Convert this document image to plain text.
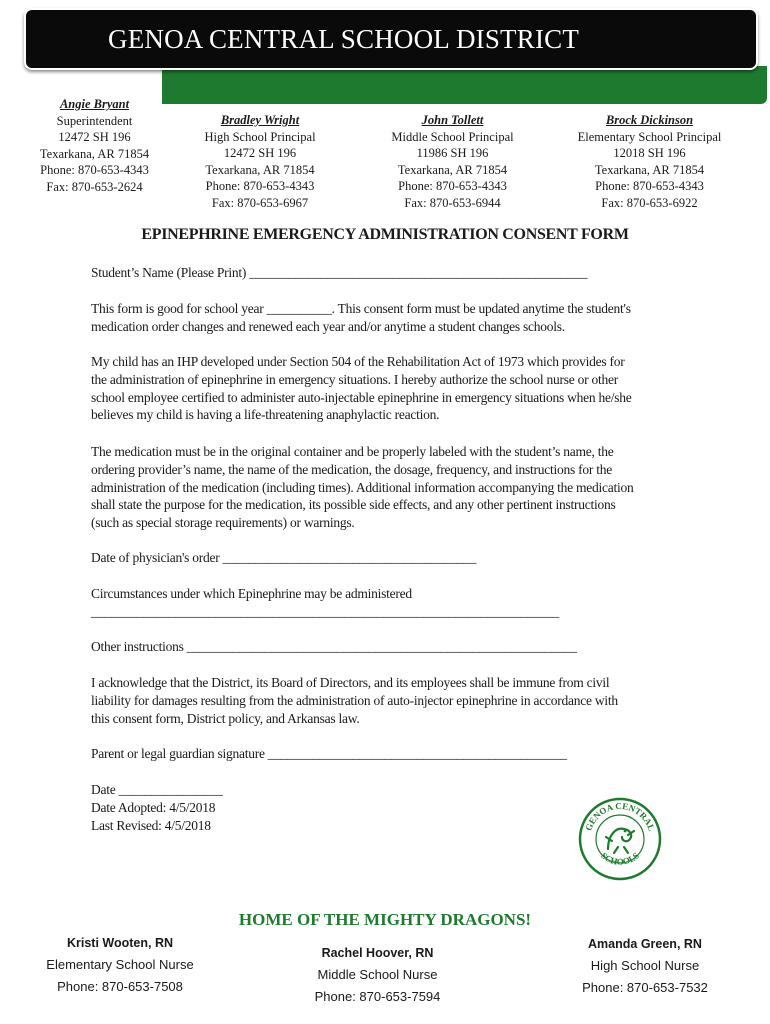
GENOA CENTRAL SCHOOL DISTRICT
Angie Bryant
Superintendent
12472 SH 196
Texarkana, AR 71854
Phone: 870-653-4343
Fax: 870-653-2624
Bradley Wright
High School Principal
12472 SH 196
Texarkana, AR 71854
Phone: 870-653-4343
Fax: 870-653-6967
John Tollett
Middle School Principal
11986 SH 196
Texarkana, AR 71854
Phone: 870-653-4343
Fax: 870-653-6944
Brock Dickinson
Elementary School Principal
12018 SH 196
Texarkana, AR 71854
Phone: 870-653-4343
Fax: 870-653-6922
EPINEPHRINE EMERGENCY ADMINISTRATION CONSENT FORM
Student’s Name (Please Print) ____________________________________________________
This form is good for school year __________. This consent form must be updated anytime the student's
medication order changes and renewed each year and/or anytime a student changes schools.
My child has an IHP developed under Section 504 of the Rehabilitation Act of 1973 which provides for
the administration of epinephrine in emergency situations. I hereby authorize the school nurse or other
school employee certified to administer auto-injectable epinephrine in emergency situations when he/she
believes my child is having a life-threatening anaphylactic reaction.
The medication must be in the original container and be properly labeled with the student’s name, the
ordering provider’s name, the name of the medication, the dosage, frequency, and instructions for the
administration of the medication (including times). Additional information accompanying the medication
shall state the purpose for the medication, its possible side effects, and any other pertinent instructions
(such as special storage requirements) or warnings.
Date of physician's order _______________________________________
Circumstances under which Epinephrine may be administered
________________________________________________________________________
Other instructions ____________________________________________________________
I acknowledge that the District, its Board of Directors, and its employees shall be immune from civil
liability for damages resulting from the administration of auto-injector epinephrine in accordance with
this consent form, District policy, and Arkansas law.
Parent or legal guardian signature ______________________________________________
Date ________________
Date Adopted: 4/5/2018
Last Revised: 4/5/2018	GENOA CENTRAL
SCHOOLS
HOME OF THE MIGHTY DRAGONS!
Kristi Wooten, RN
Elementary School Nurse
Phone: 870-653-7508
Rachel Hoover, RN
Middle School Nurse
Phone: 870-653-7594
Amanda Green, RN
High School Nurse
Phone: 870-653-7532
